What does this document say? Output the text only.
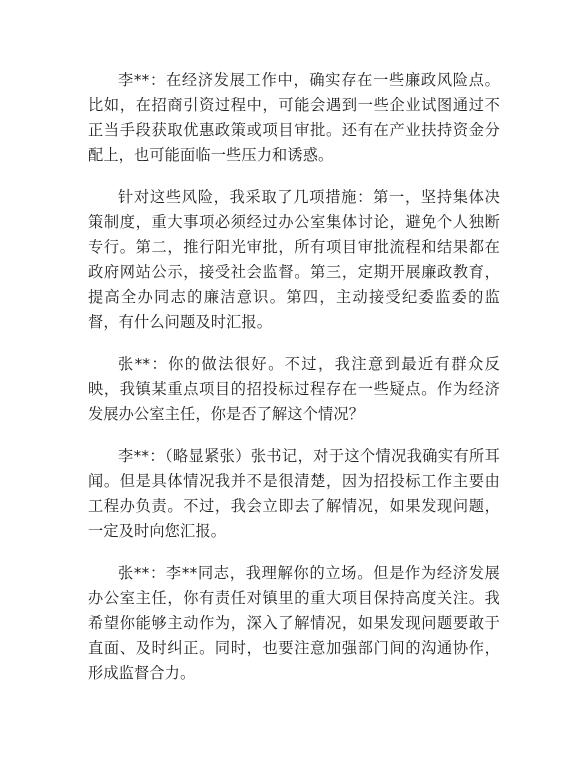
李**：在经济发展工作中，确实存在一些廉政风险点。比如，在招商引资过程中，可能会遇到一些企业试图通过不正当手段获取优惠政策或项目审批。还有在产业扶持资金分配上，也可能面临一些压力和诱惑。

针对这些风险，我采取了几项措施：第一，坚持集体决策制度，重大事项必须经过办公室集体讨论，避免个人独断专行。第二，推行阳光审批，所有项目审批流程和结果都在政府网站公示，接受社会监督。第三，定期开展廉政教育，提高全办同志的廉洁意识。第四，主动接受纪委监委的监督，有什么问题及时汇报。

张**：你的做法很好。不过，我注意到最近有群众反映，我镇某重点项目的招投标过程存在一些疑点。作为经济发展办公室主任，你是否了解这个情况？

李**：（略显紧张）张书记，对于这个情况我确实有所耳闻。但是具体情况我并不是很清楚，因为招投标工作主要由工程办负责。不过，我会立即去了解情况，如果发现问题，一定及时向您汇报。

张**：李**同志，我理解你的立场。但是作为经济发展办公室主任，你有责任对镇里的重大项目保持高度关注。我希望你能够主动作为，深入了解情况，如果发现问题要敢于直面、及时纠正。同时，也要注意加强部门间的沟通协作，形成监督合力。
